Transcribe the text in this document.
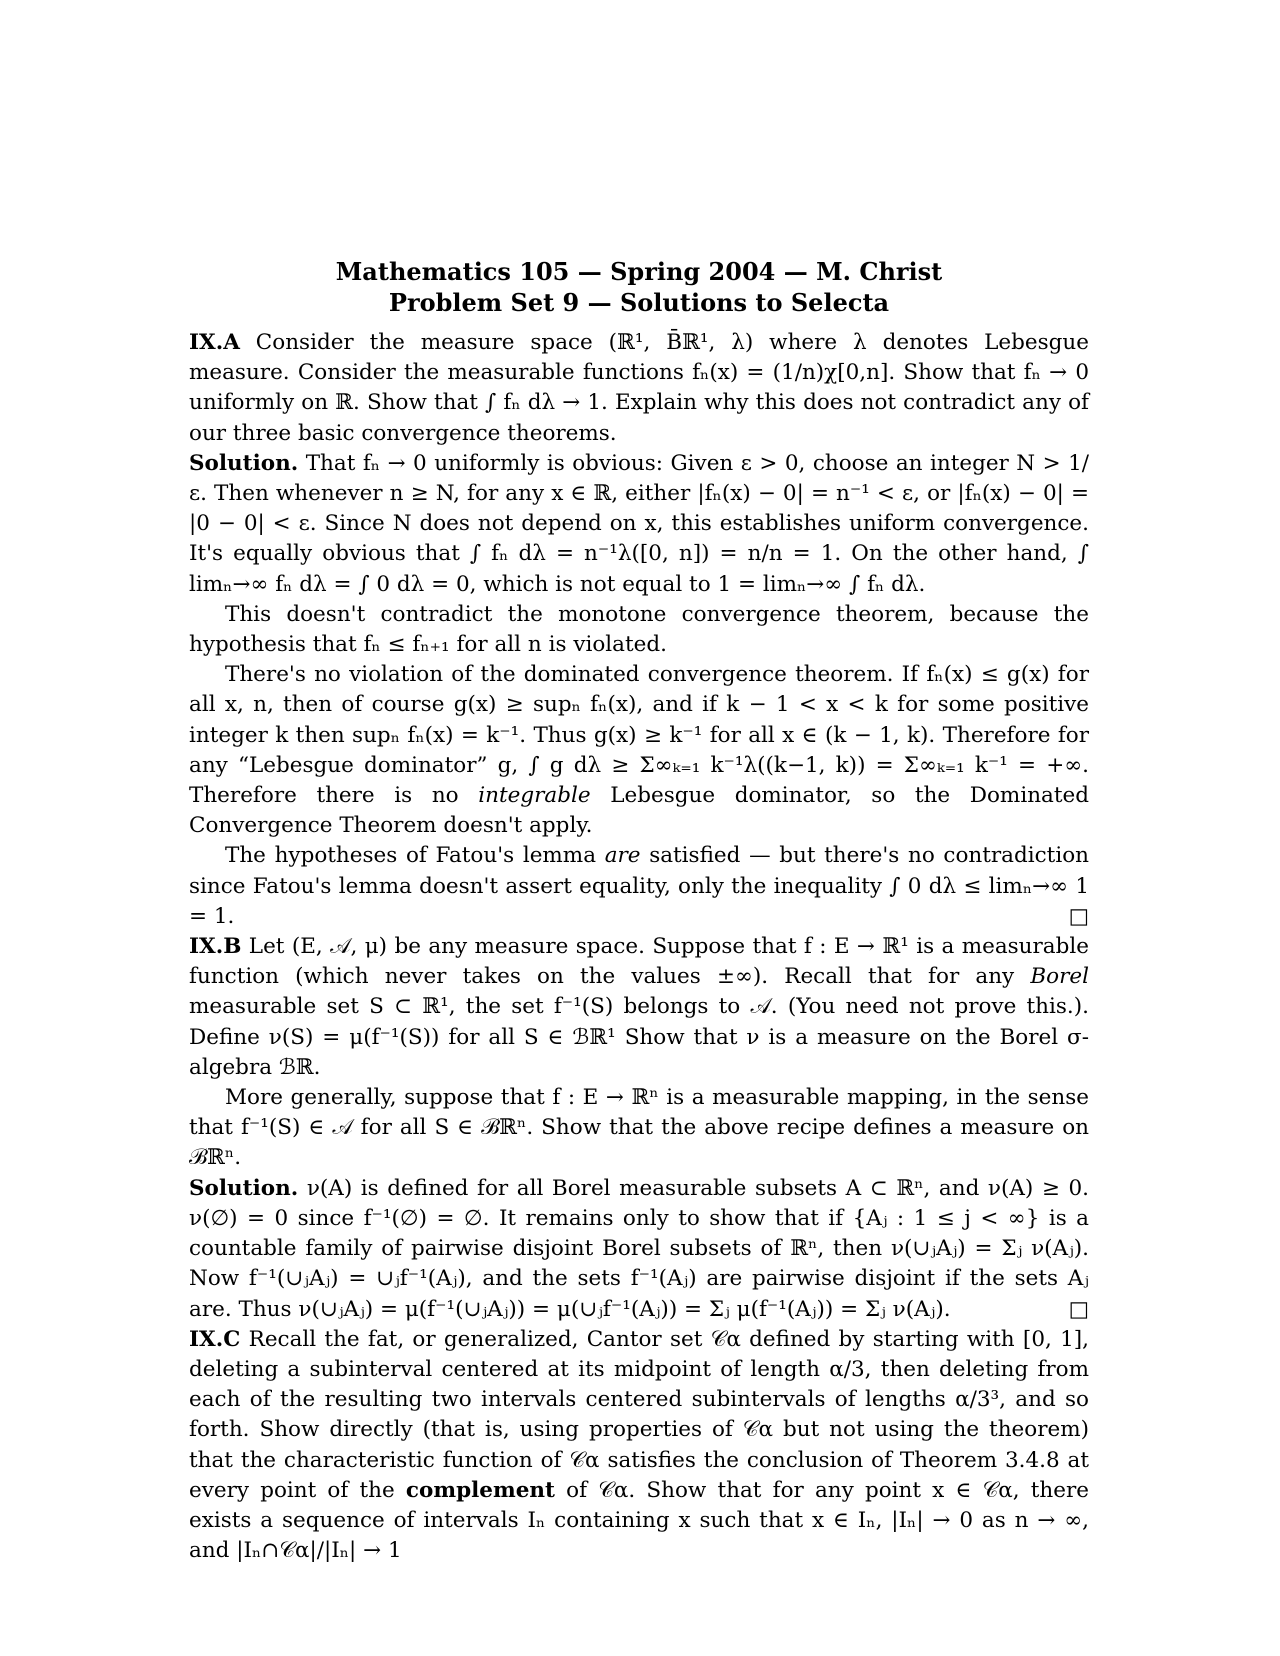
Mathematics 105 — Spring 2004 — M. Christ

Problem Set 9 — Solutions to Selecta

IX.A Consider the measure space (ℝ¹, B̄ℝ¹, λ) where λ denotes Lebesgue measure. Consider the measurable functions fₙ(x) = (1/n)χ[0,n]. Show that fₙ → 0 uniformly on ℝ. Show that ∫ fₙ dλ → 1. Explain why this does not contradict any of our three basic convergence theorems.

Solution. That fₙ → 0 uniformly is obvious: Given ε > 0, choose an integer N > 1/ε. Then whenever n ≥ N, for any x ∈ ℝ, either |fₙ(x) − 0| = n⁻¹ < ε, or |fₙ(x) − 0| = |0 − 0| < ε. Since N does not depend on x, this establishes uniform convergence. It's equally obvious that ∫ fₙ dλ = n⁻¹λ([0, n]) = n/n = 1. On the other hand, ∫ limₙ→∞ fₙ dλ = ∫ 0 dλ = 0, which is not equal to 1 = limₙ→∞ ∫ fₙ dλ.

This doesn't contradict the monotone convergence theorem, because the hypothesis that fₙ ≤ fₙ₊₁ for all n is violated.

There's no violation of the dominated convergence theorem. If fₙ(x) ≤ g(x) for all x, n, then of course g(x) ≥ supₙ fₙ(x), and if k − 1 < x < k for some positive integer k then supₙ fₙ(x) = k⁻¹. Thus g(x) ≥ k⁻¹ for all x ∈ (k − 1, k). Therefore for any “Lebesgue dominator” g, ∫ g dλ ≥ Σ∞ₖ₌₁ k⁻¹λ((k−1, k)) = Σ∞ₖ₌₁ k⁻¹ = +∞. Therefore there is no integrable Lebesgue dominator, so the Dominated Convergence Theorem doesn't apply.

The hypotheses of Fatou's lemma are satisfied — but there's no contradiction since Fatou's lemma doesn't assert equality, only the inequality ∫ 0 dλ ≤ limₙ→∞ 1 = 1.	□

IX.B Let (E, 𝒜, μ) be any measure space. Suppose that f : E → ℝ¹ is a measurable function (which never takes on the values ±∞). Recall that for any Borel measurable set S ⊂ ℝ¹, the set f⁻¹(S) belongs to 𝒜. (You need not prove this.). Define ν(S) = μ(f⁻¹(S)) for all S ∈ ℬℝ¹ Show that ν is a measure on the Borel σ-algebra ℬℝ.

More generally, suppose that f : E → ℝⁿ is a measurable mapping, in the sense that f⁻¹(S) ∈ 𝒜 for all S ∈ ℬℝⁿ. Show that the above recipe defines a measure on ℬℝⁿ.

Solution. ν(A) is defined for all Borel measurable subsets A ⊂ ℝⁿ, and ν(A) ≥ 0. ν(∅) = 0 since f⁻¹(∅) = ∅. It remains only to show that if {Aⱼ : 1 ≤ j < ∞} is a countable family of pairwise disjoint Borel subsets of ℝⁿ, then ν(∪ⱼAⱼ) = Σⱼ ν(Aⱼ). Now f⁻¹(∪ⱼAⱼ) = ∪ⱼf⁻¹(Aⱼ), and the sets f⁻¹(Aⱼ) are pairwise disjoint if the sets Aⱼ are. Thus ν(∪ⱼAⱼ) = μ(f⁻¹(∪ⱼAⱼ)) = μ(∪ⱼf⁻¹(Aⱼ)) = Σⱼ μ(f⁻¹(Aⱼ)) = Σⱼ ν(Aⱼ).	□

IX.C Recall the fat, or generalized, Cantor set 𝒞α defined by starting with [0, 1], deleting a subinterval centered at its midpoint of length α/3, then deleting from each of the resulting two intervals centered subintervals of lengths α/3³, and so forth. Show directly (that is, using properties of 𝒞α but not using the theorem) that the characteristic function of 𝒞α satisfies the conclusion of Theorem 3.4.8 at every point of the complement of 𝒞α. Show that for any point x ∈ 𝒞α, there exists a sequence of intervals Iₙ containing x such that x ∈ Iₙ, |Iₙ| → 0 as n → ∞, and |Iₙ∩𝒞α|/|Iₙ| → 1
